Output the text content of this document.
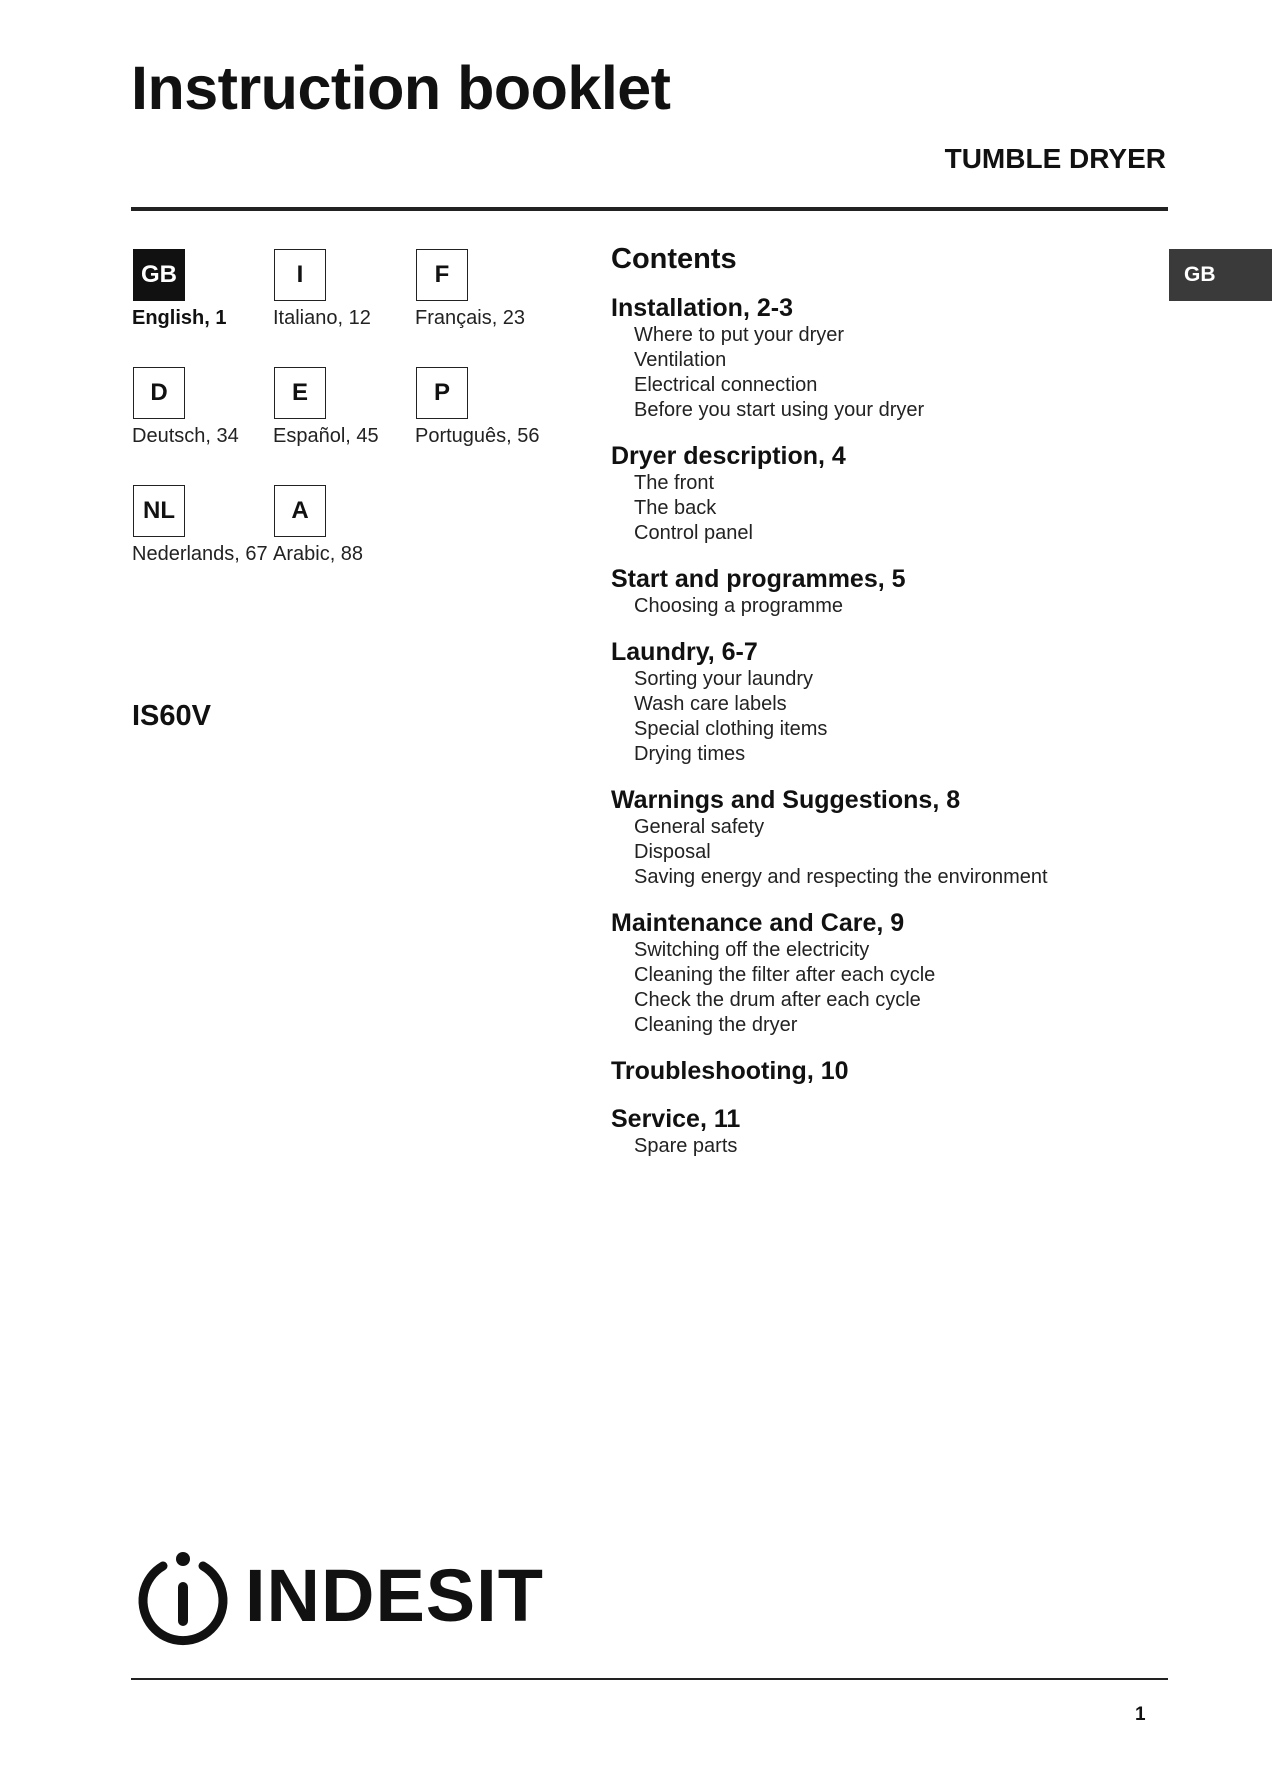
Instruction booklet
TUMBLE DRYER
GB
GB
English, 1
I
Italiano, 12
F
Français, 23
D
Deutsch, 34
E
Español, 45
P
Português, 56
NL
Nederlands, 67
A
Arabic, 88
IS60V
Contents
Installation, 2-3
Where to put your dryer
Ventilation
Electrical connection
Before you start using your dryer
Dryer description, 4
The front
The back
Control panel
Start and programmes, 5
Choosing a programme
Laundry, 6-7
Sorting your laundry
Wash care labels
Special clothing items
Drying times
Warnings and Suggestions, 8
General safety
Disposal
Saving energy and respecting the environment
Maintenance and Care, 9
Switching off the electricity
Cleaning the filter after each cycle
Check the drum after each cycle
Cleaning the dryer
Troubleshooting, 10
Service, 11
Spare parts
INDESIT
1
